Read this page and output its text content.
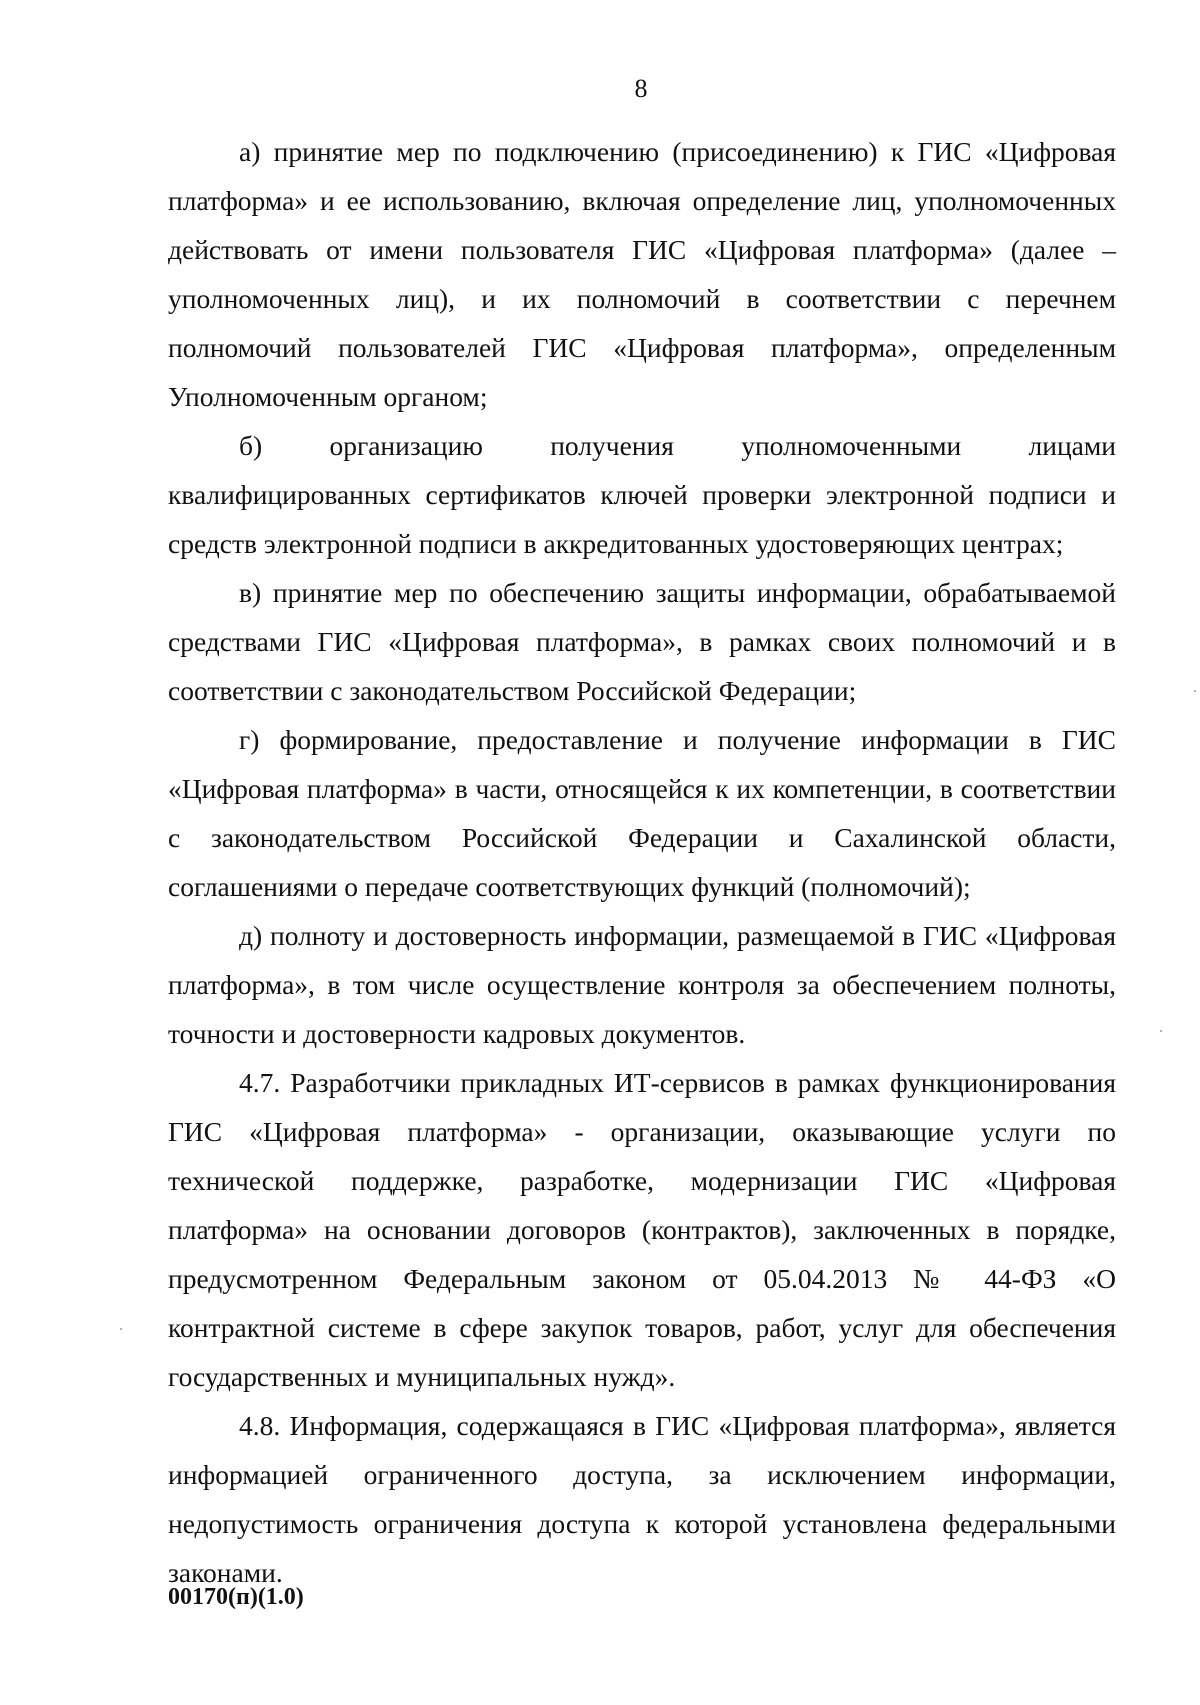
8

а) принятие мер по подключению (присоединению) к ГИС «Цифровая
платформа» и ее использованию, включая определение лиц, уполномоченных
действовать от имени пользователя ГИС «Цифровая платформа» (далее –
уполномоченных лиц), и их полномочий в соответствии с перечнем
полномочий пользователей ГИС «Цифровая платформа», определенным
Уполномоченным органом;

б) организацию получения уполномоченными лицами
квалифицированных сертификатов ключей проверки электронной подписи и
средств электронной подписи в аккредитованных удостоверяющих центрах;

в) принятие мер по обеспечению защиты информации, обрабатываемой
средствами ГИС «Цифровая платформа», в рамках своих полномочий и в
соответствии с законодательством Российской Федерации;

г) формирование, предоставление и получение информации в ГИС
«Цифровая платформа» в части, относящейся к их компетенции, в соответствии
с законодательством Российской Федерации и Сахалинской области,
соглашениями о передаче соответствующих функций (полномочий);

д) полноту и достоверность информации, размещаемой в ГИС «Цифровая
платформа», в том числе осуществление контроля за обеспечением полноты,
точности и достоверности кадровых документов.

4.7. Разработчики прикладных ИТ-сервисов в рамках функционирования
ГИС «Цифровая платформа» - организации, оказывающие услуги по
технической поддержке, разработке, модернизации ГИС «Цифровая
платформа» на основании договоров (контрактов), заключенных в порядке,
предусмотренном Федеральным законом от 05.04.2013 № 44-ФЗ «О
контрактной системе в сфере закупок товаров, работ, услуг для обеспечения
государственных и муниципальных нужд».

4.8. Информация, содержащаяся в ГИС «Цифровая платформа», является
информацией ограниченного доступа, за исключением информации,
недопустимость ограничения доступа к которой установлена федеральными
законами.

00170(п)(1.0)
